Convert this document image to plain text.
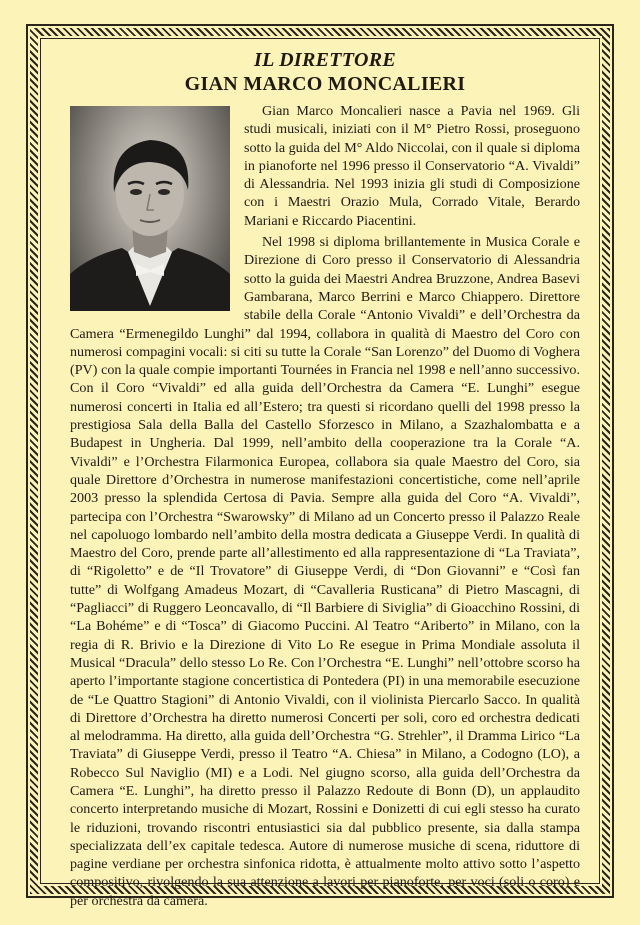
IL DIRETTORE
GIAN MARCO MONCALIERI

Gian Marco Moncalieri nasce a Pavia nel 1969. Gli studi musicali, iniziati con il M° Pietro Rossi, proseguono sotto la guida del M° Aldo Niccolai, con il quale si diploma in pianoforte nel 1996 presso il Conservatorio “A. Vivaldi” di Alessandria. Nel 1993 inizia gli studi di Composizione con i Maestri Orazio Mula, Corrado Vitale, Berardo Mariani e Riccardo Piacentini.

Nel 1998 si diploma brillantemente in Musica Corale e Direzione di Coro presso il Conservatorio di Alessandria sotto la guida dei Maestri Andrea Bruzzone, Andrea Basevi Gambarana, Marco Berrini e Marco Chiappero. Direttore stabile della Corale “Antonio Vivaldi” e dell’Orchestra da Camera “Ermenegildo Lunghi” dal 1994, collabora in qualità di Maestro del Coro con numerosi compagini vocali: si citi su tutte la Corale “San Lorenzo” del Duomo di Voghera (PV) con la quale compie importanti Tournées in Francia nel 1998 e nell’anno successivo. Con il Coro “Vivaldi” ed alla guida dell’Orchestra da Camera “E. Lunghi” esegue numerosi concerti in Italia ed all’Estero; tra questi si ricordano quelli del 1998 presso la prestigiosa Sala della Balla del Castello Sforzesco in Milano, a Szazhalombatta e a Budapest in Ungheria. Dal 1999, nell’ambito della cooperazione tra la Corale “A. Vivaldi” e l’Orchestra Filarmonica Europea, collabora sia quale Maestro del Coro, sia quale Direttore d’Orchestra in numerose manifestazioni concertistiche, come nell’aprile 2003 presso la splendida Certosa di Pavia. Sempre alla guida del Coro “A. Vivaldi”, partecipa con l’Orchestra “Swarowsky” di Milano ad un Concerto presso il Palazzo Reale nel capoluogo lombardo nell’ambito della mostra dedicata a Giuseppe Verdi. In qualità di Maestro del Coro, prende parte all’allestimento ed alla rappresentazione di “La Traviata”, di “Rigoletto” e de “Il Trovatore” di Giuseppe Verdi, di “Don Giovanni” e “Così fan tutte” di Wolfgang Amadeus Mozart, di “Cavalleria Rusticana” di Pietro Mascagni, di “Pagliacci” di Ruggero Leoncavallo, di “Il Barbiere di Siviglia” di Gioacchino Rossini, di “La Bohéme” e di “Tosca” di Giacomo Puccini. Al Teatro “Ariberto” in Milano, con la regia di R. Brivio e la Direzione di Vito Lo Re esegue in Prima Mondiale assoluta il Musical “Dracula” dello stesso Lo Re. Con l’Orchestra “E. Lunghi” nell’ottobre scorso ha aperto l’importante stagione concertistica di Pontedera (PI) in una memorabile esecuzione de “Le Quattro Stagioni” di Antonio Vivaldi, con il violinista Piercarlo Sacco. In qualità di Direttore d’Orchestra ha diretto numerosi Concerti per soli, coro ed orchestra dedicati al melodramma. Ha diretto, alla guida dell’Orchestra “G. Strehler”, il Dramma Lirico “La Traviata” di Giuseppe Verdi, presso il Teatro “A. Chiesa” in Milano, a Codogno (LO), a Robecco Sul Naviglio (MI) e a Lodi. Nel giugno scorso, alla guida dell’Orchestra da Camera “E. Lunghi”, ha diretto presso il Palazzo Redoute di Bonn (D), un applaudito concerto interpretando musiche di Mozart, Rossini e Donizetti di cui egli stesso ha curato le riduzioni, trovando riscontri entusiastici sia dal pubblico presente, sia dalla stampa specializzata dell’ex capitale tedesca. Autore di numerose musiche di scena, riduttore di pagine verdiane per orchestra sinfonica ridotta, è attualmente molto attivo sotto l’aspetto compositivo, rivolgendo la sua attenzione a lavori per pianoforte, per voci (soli o coro) e per orchestra da camera.
